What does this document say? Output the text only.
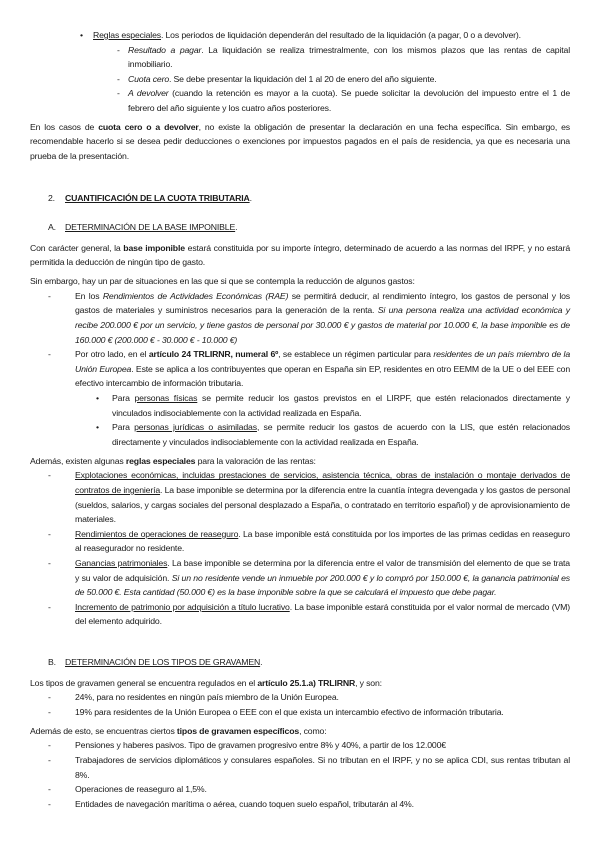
• Reglas especiales. Los periodos de liquidación dependerán del resultado de la liquidación (a pagar, 0 o a devolver).

- Resultado a pagar. La liquidación se realiza trimestralmente, con los mismos plazos que las rentas de capital inmobiliario.

- Cuota cero. Se debe presentar la liquidación del 1 al 20 de enero del año siguiente.

- A devolver (cuando la retención es mayor a la cuota). Se puede solicitar la devolución del impuesto entre el 1 de febrero del año siguiente y los cuatro años posteriores.

En los casos de cuota cero o a devolver, no existe la obligación de presentar la declaración en una fecha específica. Sin embargo, es recomendable hacerlo si se desea pedir deducciones o exenciones por impuestos pagados en el país de residencia, ya que es necesaria una prueba de la presentación.

2. CUANTIFICACIÓN DE LA CUOTA TRIBUTARIA.

A. DETERMINACIÓN DE LA BASE IMPONIBLE.

Con carácter general, la base imponible estará constituida por su importe íntegro, determinado de acuerdo a las normas del IRPF, y no estará permitida la deducción de ningún tipo de gasto.

Sin embargo, hay un par de situaciones en las que si que se contempla la reducción de algunos gastos:

-	En los Rendimientos de Actividades Económicas (RAE) se permitirá deducir, al rendimiento íntegro, los gastos de personal y los gastos de materiales y suministros necesarios para la generación de la renta. Si una persona realiza una actividad económica y recibe 200.000 € por un servicio, y tiene gastos de personal por 30.000 € y gastos de material por 10.000 €, la base imponible es de 160.000 € (200.000 € - 30.000 € - 10.000 €)

-	Por otro lado, en el artículo 24 TRLIRNR, numeral 6º, se establece un régimen particular para residentes de un país miembro de la Unión Europea. Este se aplica a los contribuyentes que operan en España sin EP, residentes en otro EEMM de la UE o del EEE con efectivo intercambio de información tributaria.

• Para personas físicas se permite reducir los gastos previstos en el LIRPF, que estén relacionados directamente y vinculados indisociablemente con la actividad realizada en España.

• Para personas jurídicas o asimiladas, se permite reducir los gastos de acuerdo con la LIS, que estén relacionados directamente y vinculados indisociablemente con la actividad realizada en España.

Además, existen algunas reglas especiales para la valoración de las rentas:

-	Explotaciones económicas, incluidas prestaciones de servicios, asistencia técnica, obras de instalación o montaje derivados de contratos de ingeniería. La base imponible se determina por la diferencia entre la cuantía íntegra devengada y los gastos de personal (sueldos, salarios, y cargas sociales del personal desplazado a España, o contratado en territorio español) y de aprovisionamiento de materiales.

-	Rendimientos de operaciones de reaseguro. La base imponible está constituida por los importes de las primas cedidas en reaseguro al reasegurador no residente.

-	Ganancias patrimoniales. La base imponible se determina por la diferencia entre el valor de transmisión del elemento de que se trata y su valor de adquisición. Si un no residente vende un inmueble por 200.000 € y lo compró por 150.000 €, la ganancia patrimonial es de 50.000 €. Esta cantidad (50.000 €) es la base imponible sobre la que se calculará el impuesto que debe pagar.

-	Incremento de patrimonio por adquisición a título lucrativo. La base imponible estará constituida por el valor normal de mercado (VM) del elemento adquirido.

B. DETERMINACIÓN DE LOS TIPOS DE GRAVAMEN.

Los tipos de gravamen general se encuentra regulados en el artículo 25.1.a) TRLIRNR, y son:

-	24%, para no residentes en ningún país miembro de la Unión Europea.

-	19% para residentes de la Unión Europea o EEE con el que exista un intercambio efectivo de información tributaria.

Además de esto, se encuentras ciertos tipos de gravamen específicos, como:

-	Pensiones y haberes pasivos. Tipo de gravamen progresivo entre 8% y 40%, a partir de los 12.000€

-	Trabajadores de servicios diplomáticos y consulares españoles. Si no tributan en el IRPF, y no se aplica CDI, sus rentas tributan al 8%.

-	Operaciones de reaseguro al 1,5%.

-	Entidades de navegación marítima o aérea, cuando toquen suelo español, tributarán al 4%.
